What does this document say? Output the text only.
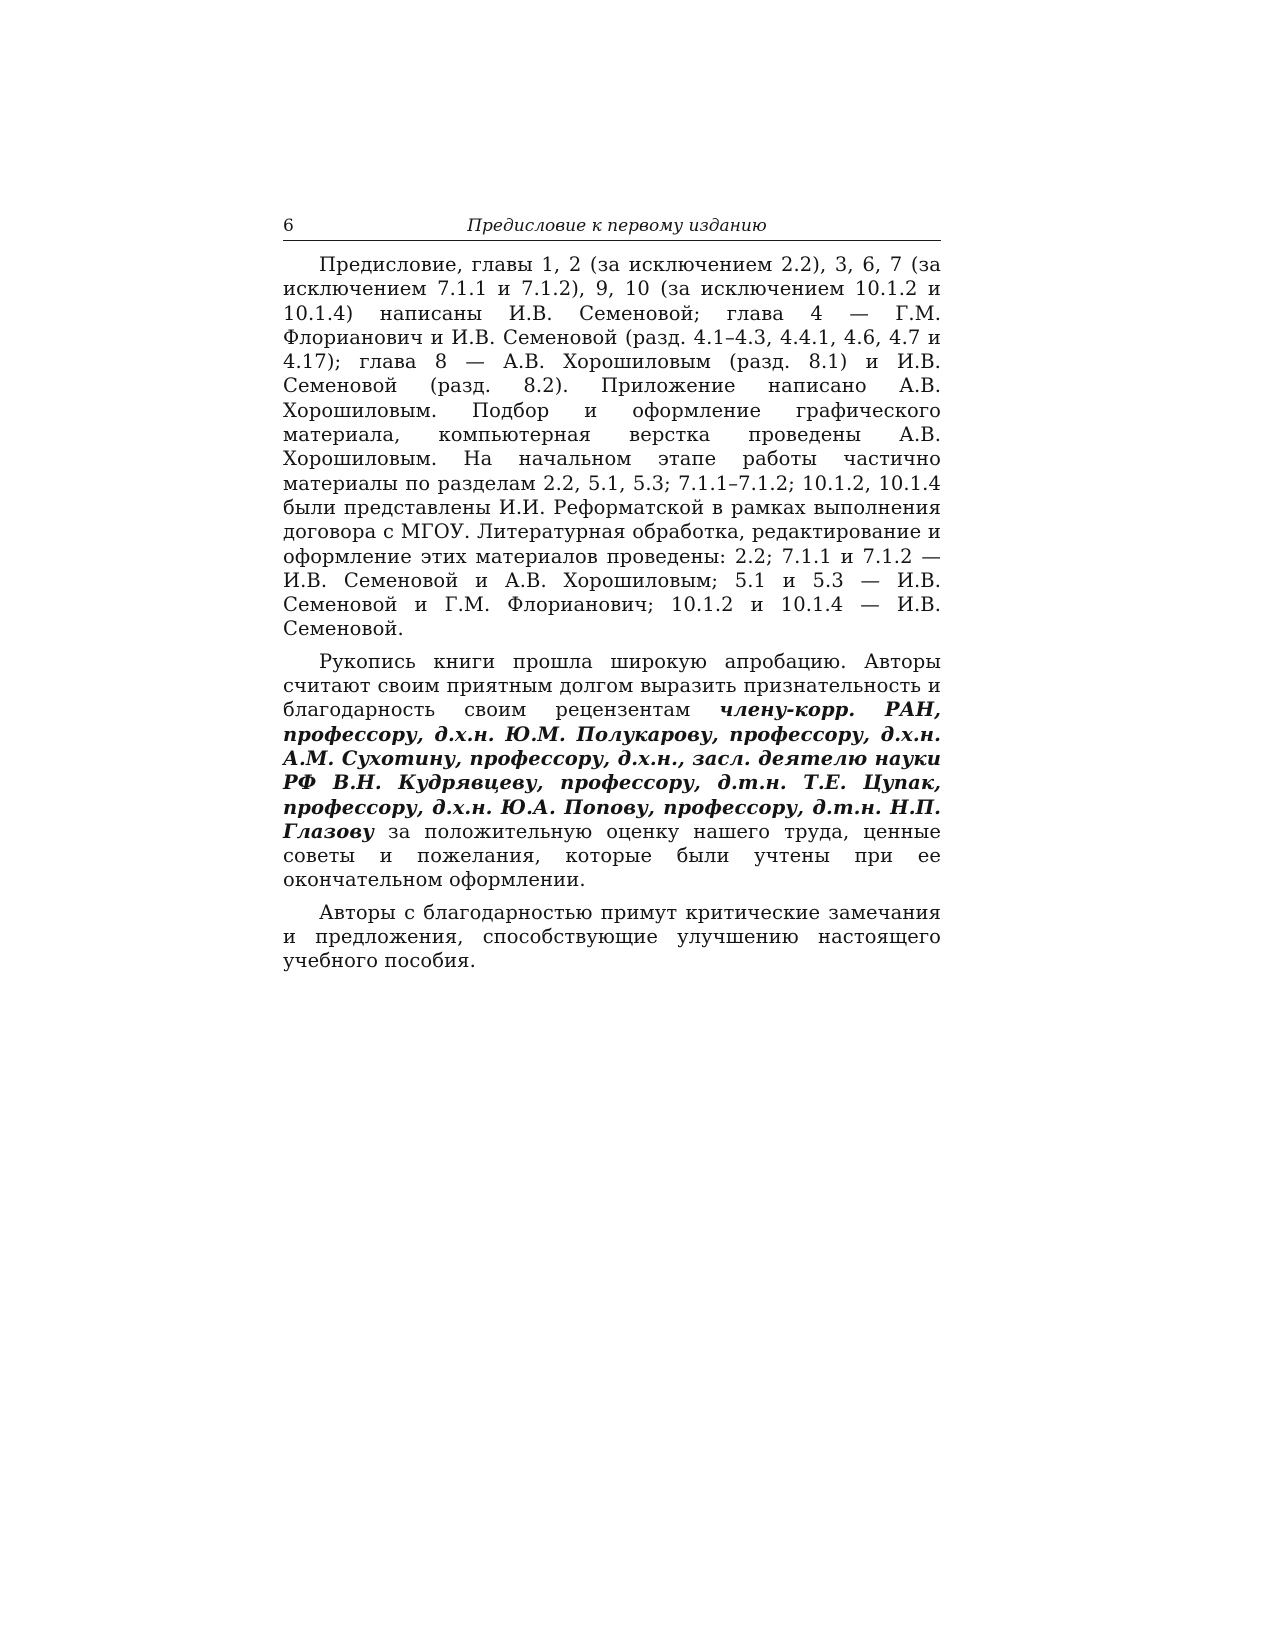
6	Предисловие к первому изданию

Предисловие, главы 1, 2 (за исключением 2.2), 3, 6, 7 (за исключением 7.1.1 и 7.1.2), 9, 10 (за исключением 10.1.2 и 10.1.4) написаны И.В. Семеновой; глава 4 — Г.М. Флорианович и И.В. Семеновой (разд. 4.1–4.3, 4.4.1, 4.6, 4.7 и 4.17); глава 8 — А.В. Хорошиловым (разд. 8.1) и И.В. Семеновой (разд. 8.2). Приложение написано А.В. Хорошиловым. Подбор и оформление графического материала, компьютерная верстка проведены А.В. Хорошиловым. На начальном этапе работы частично материалы по разделам 2.2, 5.1, 5.3; 7.1.1–7.1.2; 10.1.2, 10.1.4 были представлены И.И. Реформатской в рамках выполнения договора с МГОУ. Литературная обработка, редактирование и оформление этих материалов проведены: 2.2; 7.1.1 и 7.1.2 — И.В. Семеновой и А.В. Хорошиловым; 5.1 и 5.3 — И.В. Семеновой и Г.М. Флорианович; 10.1.2 и 10.1.4 — И.В. Семеновой.

Рукопись книги прошла широкую апробацию. Авторы считают своим приятным долгом выразить признательность и благодарность своим рецензентам члену-корр. РАН, профессору, д.х.н. Ю.М. Полукарову, профессору, д.х.н. А.М. Сухотину, профессору, д.х.н., засл. деятелю науки РФ В.Н. Кудрявцеву, профессору, д.т.н. Т.Е. Цупак, профессору, д.х.н. Ю.А. Попову, профессору, д.т.н. Н.П. Глазову за положительную оценку нашего труда, ценные советы и пожелания, которые были учтены при ее окончательном оформлении.

Авторы с благодарностью примут критические замечания и предложения, способствующие улучшению настоящего учебного пособия.
